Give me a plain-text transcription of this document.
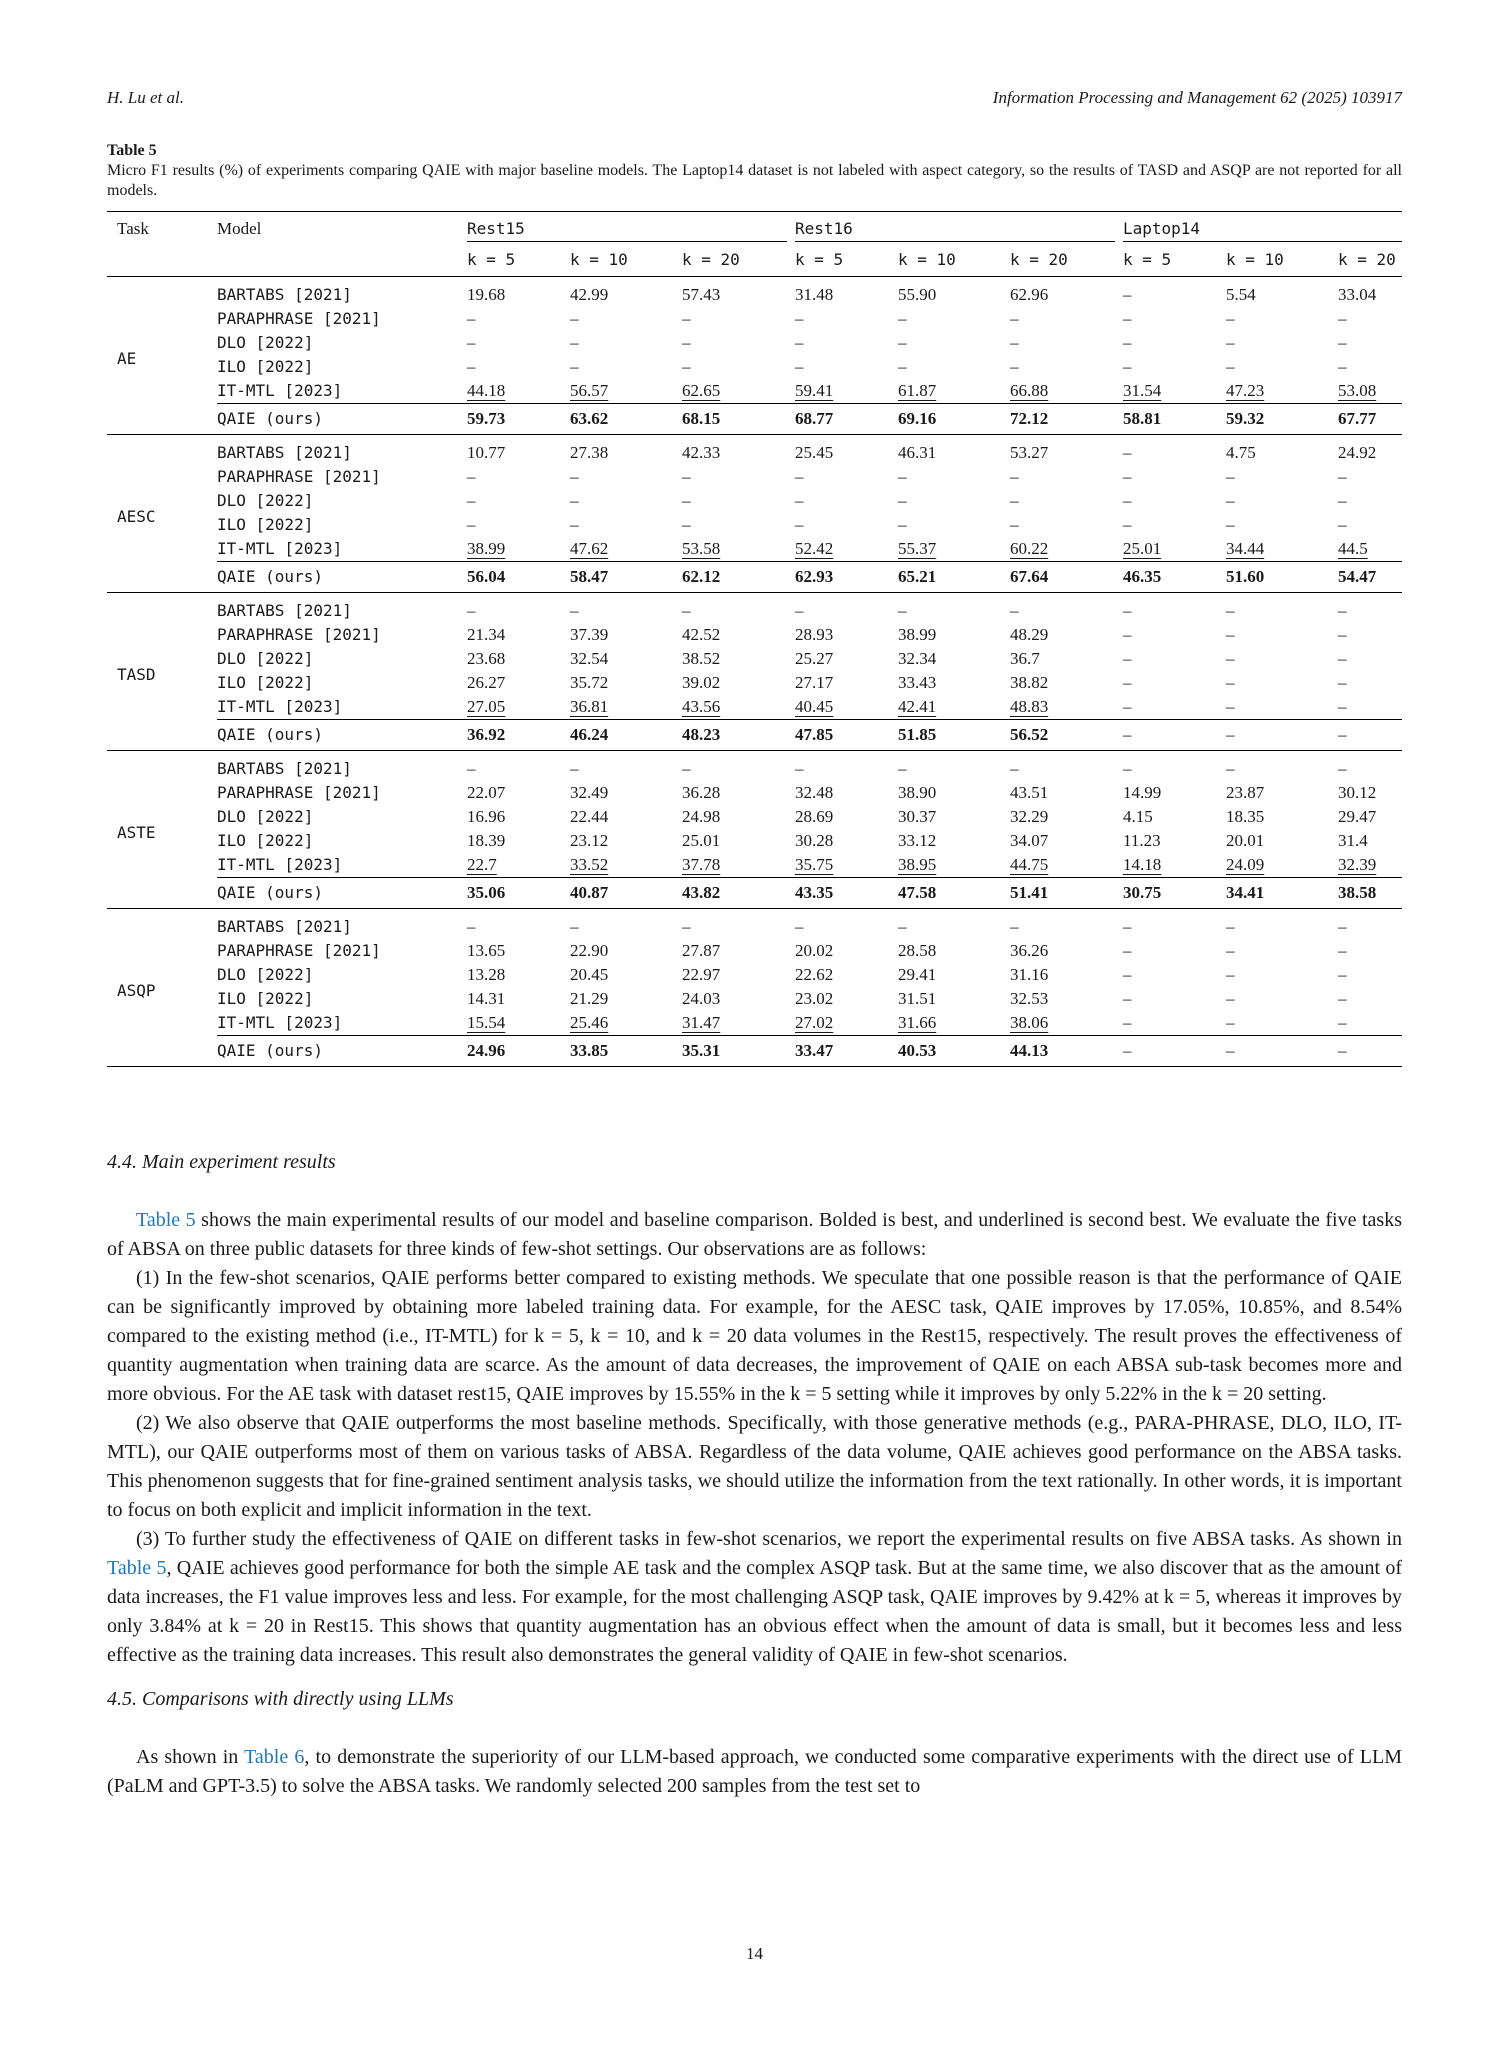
H. Lu et al.	Information Processing and Management 62 (2025) 103917
Table 5
Micro F1 results (%) of experiments comparing QAIE with major baseline models. The Laptop14 dataset is not labeled with aspect category, so the results of TASD and ASQP are not reported for all models.
Task	Model	Rest15			Rest16			Laptop14		
		k = 5	k = 10	k = 20	k = 5	k = 10	k = 20	k = 5	k = 10	k = 20
AE	BARTABS [2021]	19.68	42.99	57.43	31.48	55.90	62.96	–	5.54	33.04
	PARAPHRASE [2021]	–	–	–	–	–	–	–	–	–
	DLO [2022]	–	–	–	–	–	–	–	–	–
	ILO [2022]	–	–	–	–	–	–	–	–	–
	IT-MTL [2023]	44.18	56.57	62.65	59.41	61.87	66.88	31.54	47.23	53.08
	QAIE (ours)	59.73	63.62	68.15	68.77	69.16	72.12	58.81	59.32	67.77
AESC	BARTABS [2021]	10.77	27.38	42.33	25.45	46.31	53.27	–	4.75	24.92
	PARAPHRASE [2021]	–	–	–	–	–	–	–	–	–
	DLO [2022]	–	–	–	–	–	–	–	–	–
	ILO [2022]	–	–	–	–	–	–	–	–	–
	IT-MTL [2023]	38.99	47.62	53.58	52.42	55.37	60.22	25.01	34.44	44.5
	QAIE (ours)	56.04	58.47	62.12	62.93	65.21	67.64	46.35	51.60	54.47
TASD	BARTABS [2021]	–	–	–	–	–	–	–	–	–
	PARAPHRASE [2021]	21.34	37.39	42.52	28.93	38.99	48.29	–	–	–
	DLO [2022]	23.68	32.54	38.52	25.27	32.34	36.7	–	–	–
	ILO [2022]	26.27	35.72	39.02	27.17	33.43	38.82	–	–	–
	IT-MTL [2023]	27.05	36.81	43.56	40.45	42.41	48.83	–	–	–
	QAIE (ours)	36.92	46.24	48.23	47.85	51.85	56.52	–	–	–
ASTE	BARTABS [2021]	–	–	–	–	–	–	–	–	–
	PARAPHRASE [2021]	22.07	32.49	36.28	32.48	38.90	43.51	14.99	23.87	30.12
	DLO [2022]	16.96	22.44	24.98	28.69	30.37	32.29	4.15	18.35	29.47
	ILO [2022]	18.39	23.12	25.01	30.28	33.12	34.07	11.23	20.01	31.4
	IT-MTL [2023]	22.7	33.52	37.78	35.75	38.95	44.75	14.18	24.09	32.39
	QAIE (ours)	35.06	40.87	43.82	43.35	47.58	51.41	30.75	34.41	38.58
ASQP	BARTABS [2021]	–	–	–	–	–	–	–	–	–
	PARAPHRASE [2021]	13.65	22.90	27.87	20.02	28.58	36.26	–	–	–
	DLO [2022]	13.28	20.45	22.97	22.62	29.41	31.16	–	–	–
	ILO [2022]	14.31	21.29	24.03	23.02	31.51	32.53	–	–	–
	IT-MTL [2023]	15.54	25.46	31.47	27.02	31.66	38.06	–	–	–
	QAIE (ours)	24.96	33.85	35.31	33.47	40.53	44.13	–	–	–
4.4. Main experiment results

Table 5 shows the main experimental results of our model and baseline comparison. Bolded is best, and underlined is second best. We evaluate the five tasks of ABSA on three public datasets for three kinds of few-shot settings. Our observations are as follows:

(1) In the few-shot scenarios, QAIE performs better compared to existing methods. We speculate that one possible reason is that the performance of QAIE can be significantly improved by obtaining more labeled training data. For example, for the AESC task, QAIE improves by 17.05%, 10.85%, and 8.54% compared to the existing method (i.e., IT-MTL) for k = 5, k = 10, and k = 20 data volumes in the Rest15, respectively. The result proves the effectiveness of quantity augmentation when training data are scarce. As the amount of data decreases, the improvement of QAIE on each ABSA sub-task becomes more and more obvious. For the AE task with dataset rest15, QAIE improves by 15.55% in the k = 5 setting while it improves by only 5.22% in the k = 20 setting.

(2) We also observe that QAIE outperforms the most baseline methods. Specifically, with those generative methods (e.g., PARA-PHRASE, DLO, ILO, IT-MTL), our QAIE outperforms most of them on various tasks of ABSA. Regardless of the data volume, QAIE achieves good performance on the ABSA tasks. This phenomenon suggests that for fine-grained sentiment analysis tasks, we should utilize the information from the text rationally. In other words, it is important to focus on both explicit and implicit information in the text.

(3) To further study the effectiveness of QAIE on different tasks in few-shot scenarios, we report the experimental results on five ABSA tasks. As shown in Table 5, QAIE achieves good performance for both the simple AE task and the complex ASQP task. But at the same time, we also discover that as the amount of data increases, the F1 value improves less and less. For example, for the most challenging ASQP task, QAIE improves by 9.42% at k = 5, whereas it improves by only 3.84% at k = 20 in Rest15. This shows that quantity augmentation has an obvious effect when the amount of data is small, but it becomes less and less effective as the training data increases. This result also demonstrates the general validity of QAIE in few-shot scenarios.

4.5. Comparisons with directly using LLMs

As shown in Table 6, to demonstrate the superiority of our LLM-based approach, we conducted some comparative experiments with the direct use of LLM (PaLM and GPT-3.5) to solve the ABSA tasks. We randomly selected 200 samples from the test set to

14
